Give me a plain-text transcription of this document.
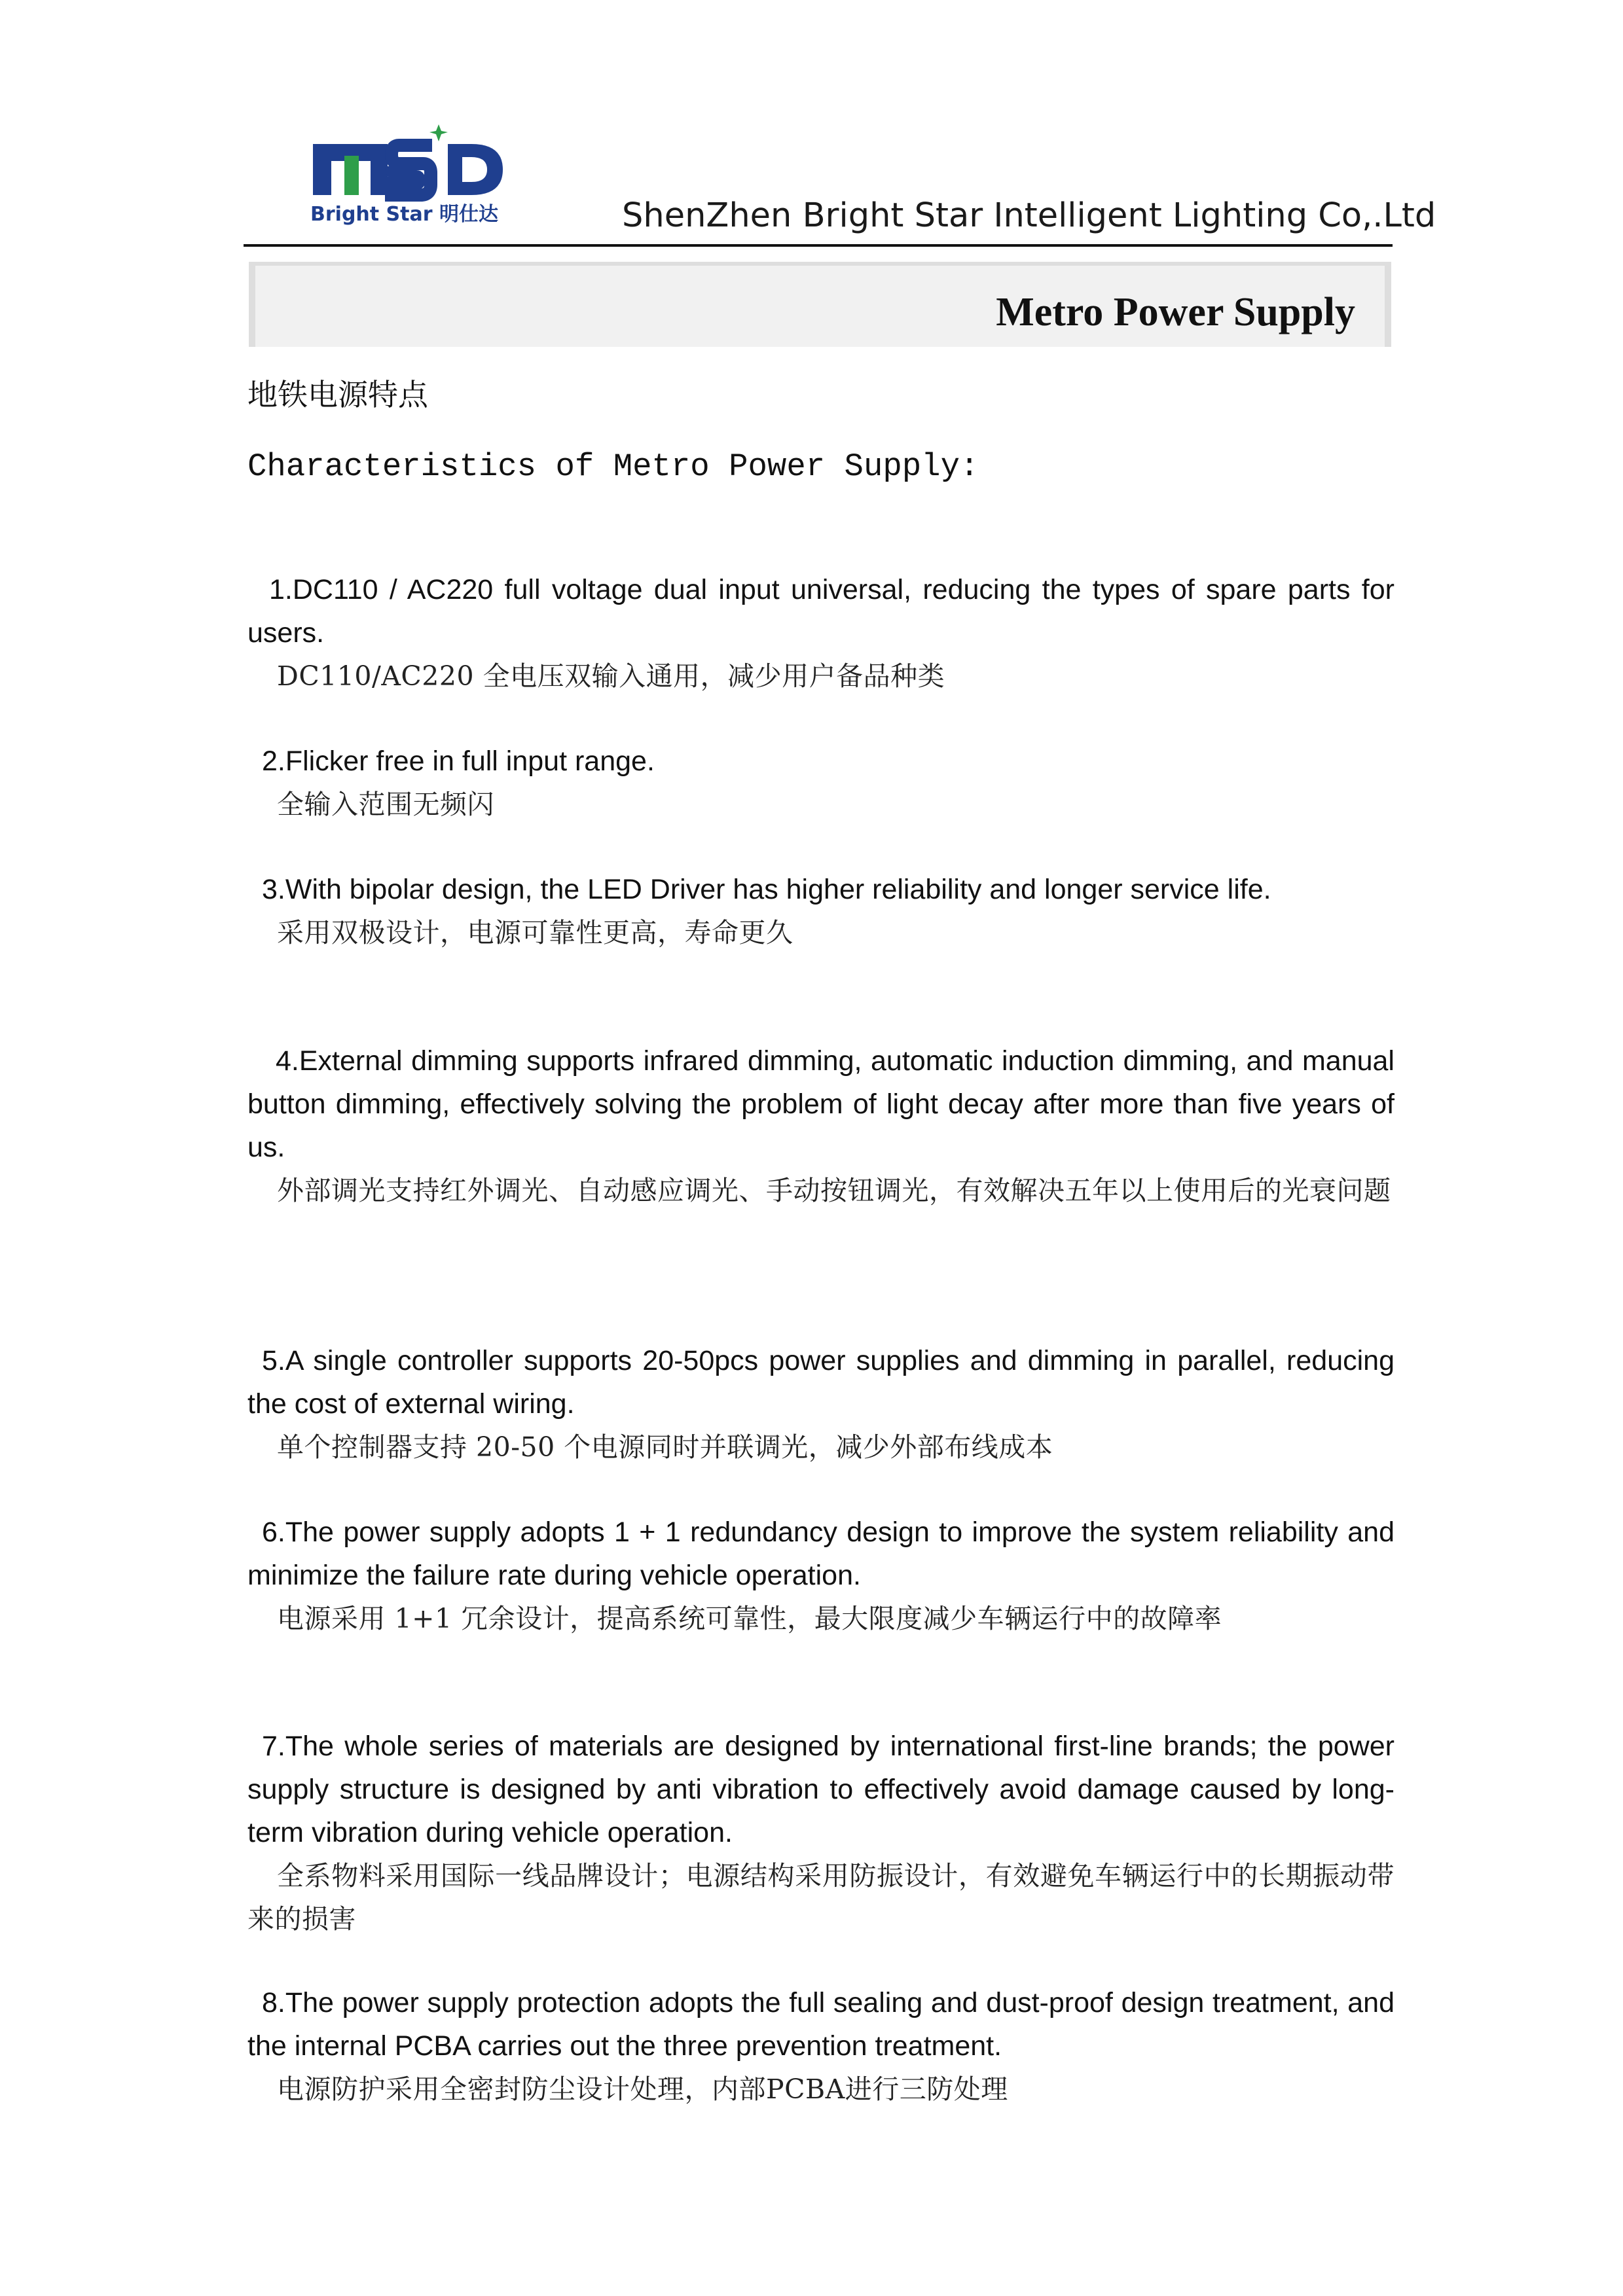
Bright Star 明仕达	ShenZhen Bright Star Intelligent Lighting Co,.Ltd
Metro Power Supply
地铁电源特点
Characteristics of Metro Power Supply:
1.DC110 / AC220 full voltage dual input universal, reducing the types of spare parts for users.
DC110/AC220 全电压双输入通用，减少用户备品种类
2.Flicker free in full input range.
全输入范围无频闪
3.With bipolar design, the LED Driver has higher reliability and longer service life.
采用双极设计，电源可靠性更高，寿命更久
4.External dimming supports infrared dimming, automatic induction dimming, and manual button dimming, effectively solving the problem of light decay after more than five years of us.
外部调光支持红外调光、自动感应调光、手动按钮调光，有效解决五年以上使用后的光衰问题
5.A single controller supports 20-50pcs power supplies and dimming in parallel, reducing the cost of external wiring.
单个控制器支持 20-50 个电源同时并联调光，减少外部布线成本
6.The power supply adopts 1 + 1 redundancy design to improve the system reliability and minimize the failure rate during vehicle operation.
电源采用 1+1 冗余设计，提高系统可靠性，最大限度减少车辆运行中的故障率
7.The whole series of materials are designed by international first-line brands; the power supply structure is designed by anti vibration to effectively avoid damage caused by long-term vibration during vehicle operation.
全系物料采用国际一线品牌设计；电源结构采用防振设计，有效避免车辆运行中的长期振动带来的损害
8.The power supply protection adopts the full sealing and dust-proof design treatment, and the internal PCBA carries out the three prevention treatment.
电源防护采用全密封防尘设计处理，内部PCBA进行三防处理
